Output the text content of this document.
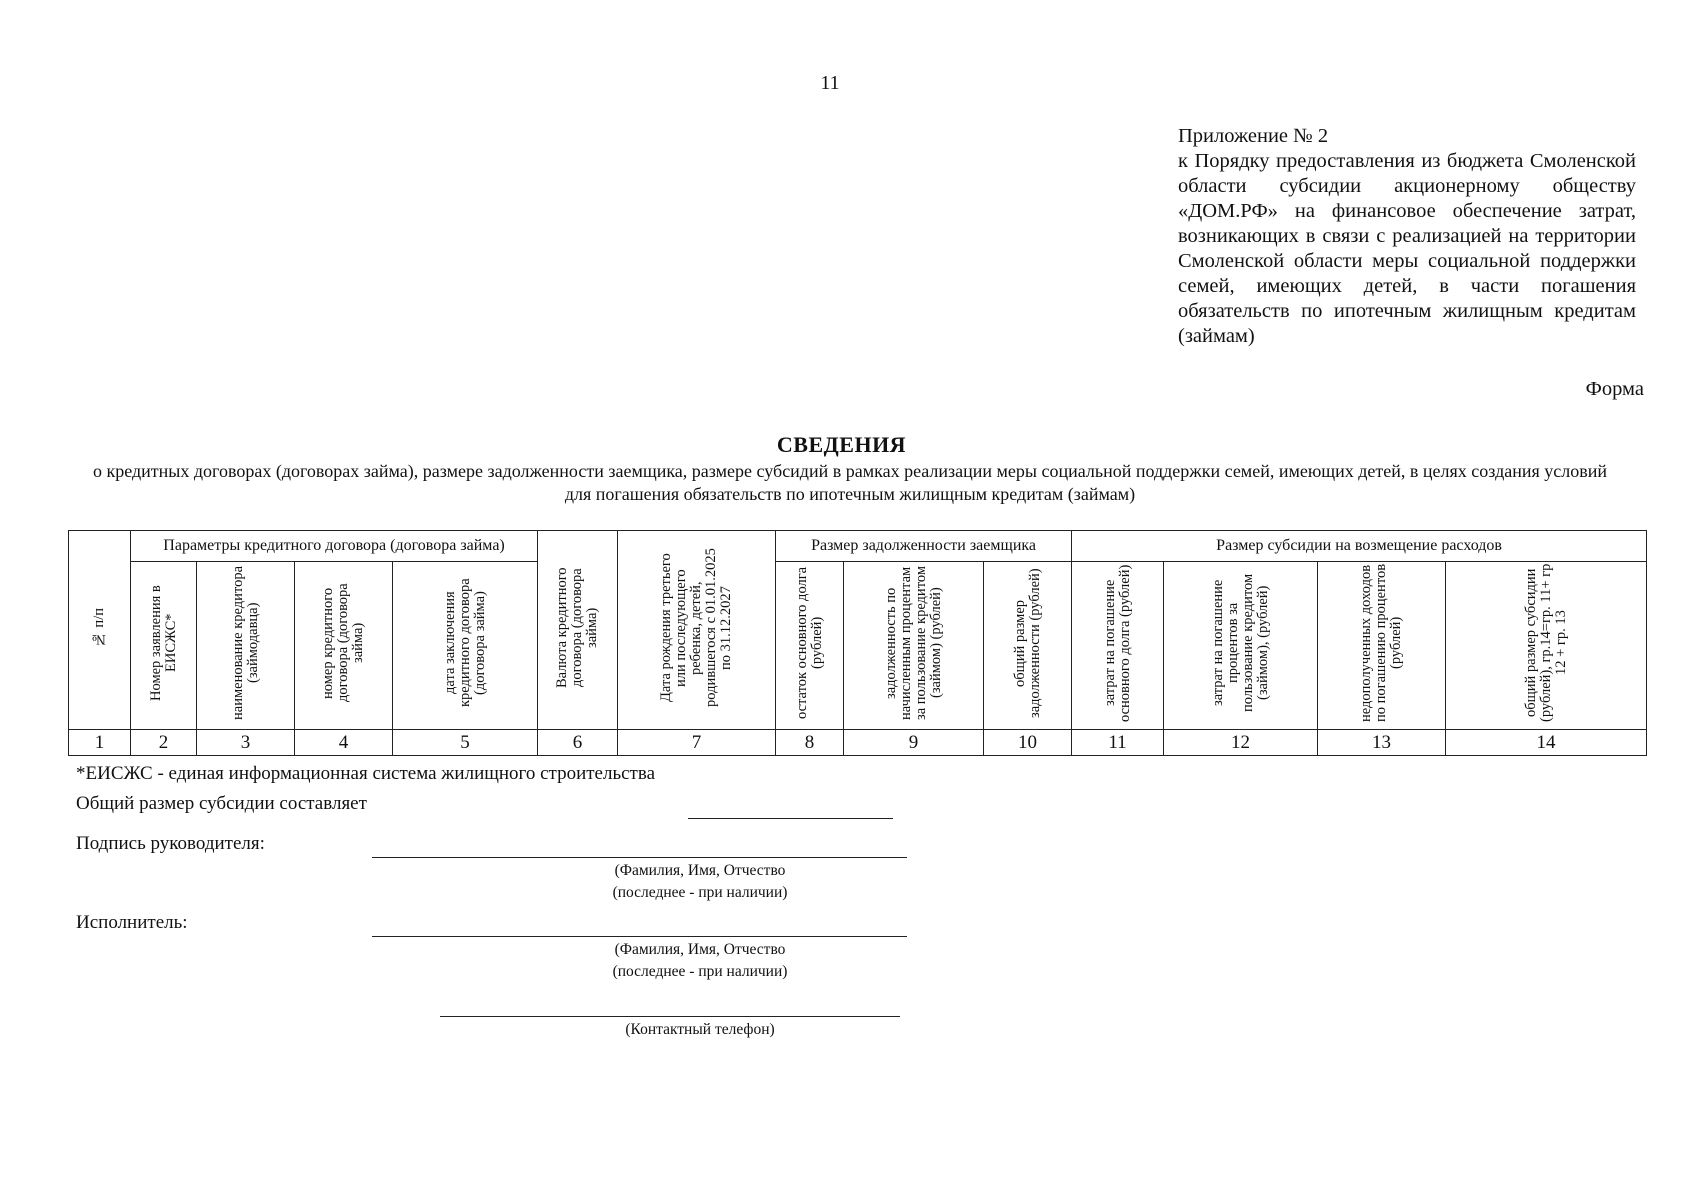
11
Приложение № 2
к Порядку предоставления из бюджета Смоленской области субсидии акционерному обществу «ДОМ.РФ» на финансовое обеспечение затрат, возникающих в связи с реализацией на территории Смоленской области меры социальной поддержки семей, имеющих детей, в части погашения обязательств по ипотечным жилищным кредитам (займам)
Форма
СВЕДЕНИЯ
о кредитных договорах (договорах займа), размере задолженности заемщика, размере субсидий в рамках реализации меры социальной поддержки семей, имеющих детей, в целях создания условий для погашения обязательств по ипотечным жилищным кредитам (займам)
№ п/п	Параметры кредитного договора (договора займа)				Валюта кредитного договора (договора займа)	Дата рождения третьего или последующего ребенка, детей, родившегося с 01.01.2025 по 31.12.2027	Размер задолженности заемщика			Размер субсидии на возмещение расходов			
	Номер заявления в ЕИСЖС*	наименование кредитора (займодавца)	номер кредитного договора (договора займа)	дата заключения кредитного договора (договора займа)			остаток основного долга (рублей)	задолженность по начисленным процентам за пользование кредитом (займом) (рублей)	общий размер задолженности (рублей)	затрат на погашение основного долга (рублей)	затрат на погашение процентов за пользование кредитом (займом), (рублей)	недополученных доходов по погашению процентов (рублей)	общий размер субсидии (рублей), гр.14=гр. 11+ гр 12 + гр. 13
1	2	3	4	5	6	7	8	9	10	11	12	13	14
*ЕИСЖС - единая информационная система жилищного строительства
Общий размер субсидии составляет
Подпись руководителя:
(Фамилия, Имя, Отчество
(последнее - при наличии)
Исполнитель:
(Фамилия, Имя, Отчество
(последнее - при наличии)
(Контактный телефон)
